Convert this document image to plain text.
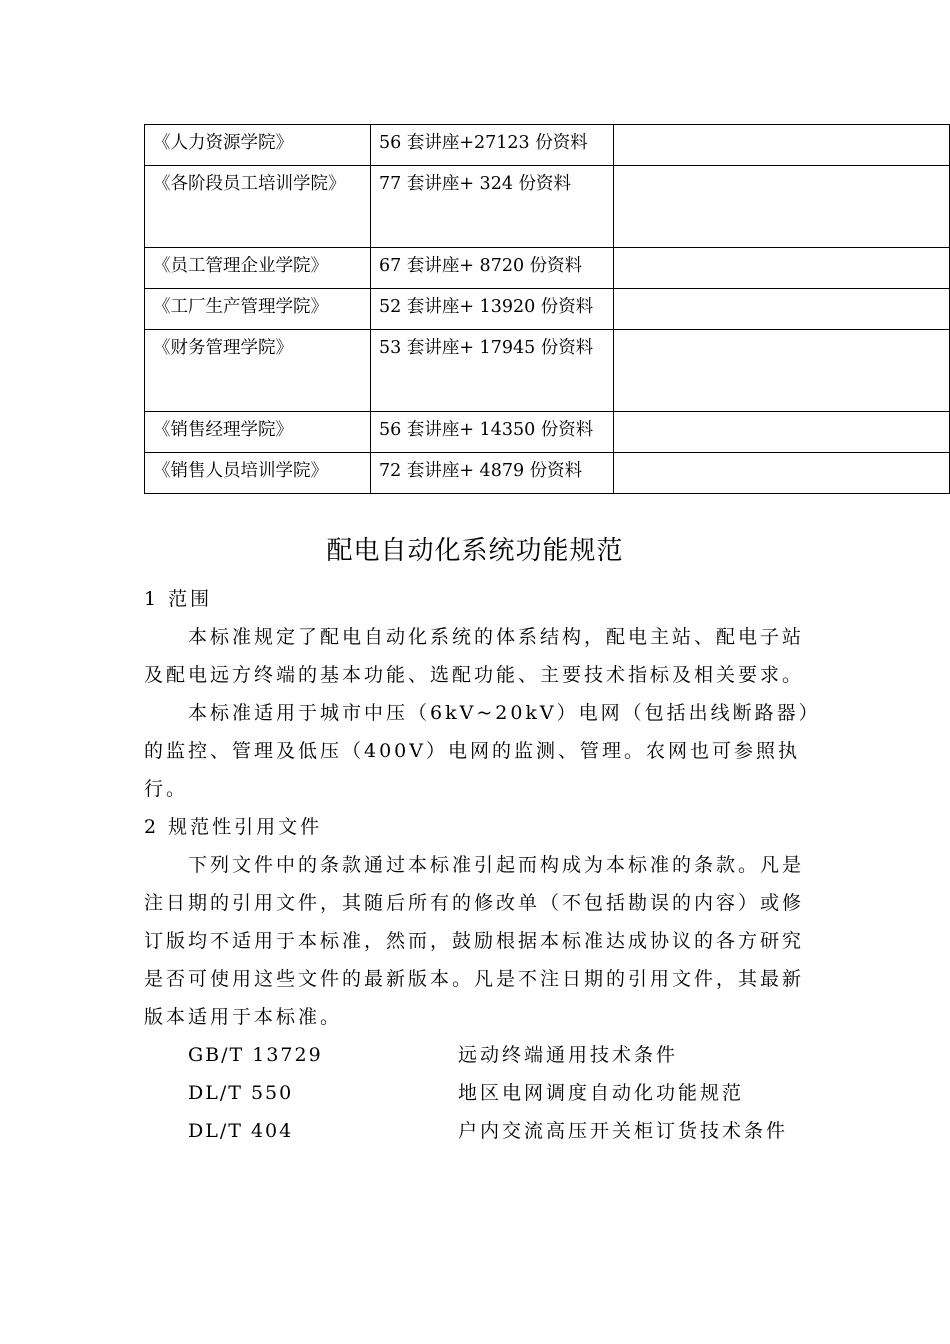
《人力资源学院》	56 套讲座+27123 份资料	

《各阶段员工培训学院》	77 套讲座+ 324 份资料	

《员工管理企业学院》	67 套讲座+ 8720 份资料	

《工厂生产管理学院》	52 套讲座+ 13920 份资料	

《财务管理学院》	53 套讲座+ 17945 份资料	

《销售经理学院》	56 套讲座+ 14350 份资料	

《销售人员培训学院》	72 套讲座+ 4879 份资料	

配电自动化系统功能规范

1 范围

本标准规定了配电自动化系统的体系结构，配电主站、配电子站及配电远方终端的基本功能、选配功能、主要技术指标及相关要求。

本标准适用于城市中压（6kV~20kV）电网（包括出线断路器）的监控、管理及低压（400V）电网的监测、管理。农网也可参照执行。

2 规范性引用文件

下列文件中的条款通过本标准引起而构成为本标准的条款。凡是注日期的引用文件，其随后所有的修改单（不包括勘误的内容）或修订版均不适用于本标准，然而，鼓励根据本标准达成协议的各方研究是否可使用这些文件的最新版本。凡是不注日期的引用文件，其最新版本适用于本标准。

GB/T 13729	远动终端通用技术条件
DL/T 550	地区电网调度自动化功能规范
DL/T 404	户内交流高压开关柜订货技术条件
